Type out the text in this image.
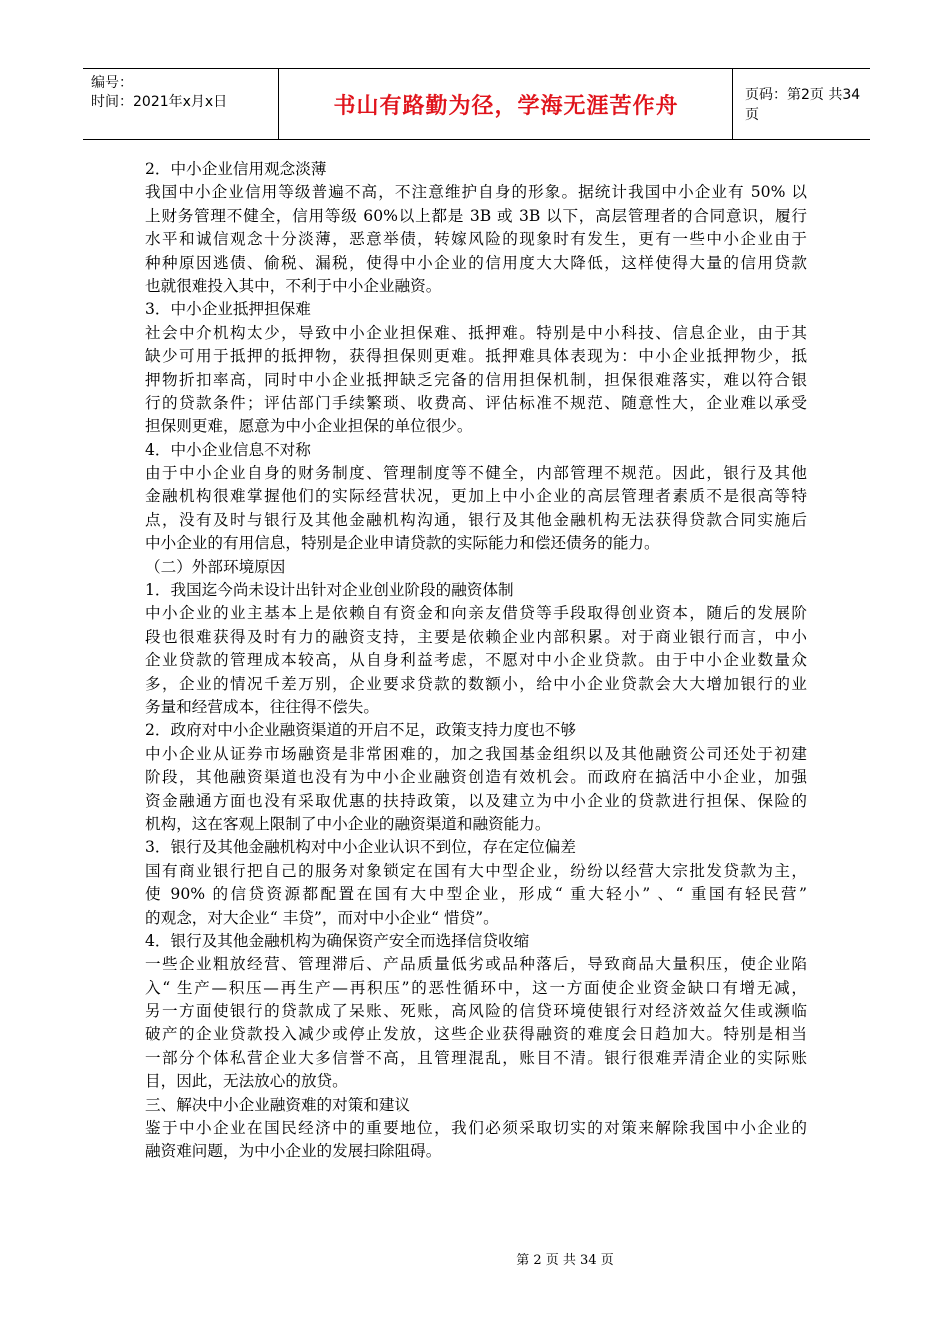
编号：
时间：2021年x月x日	书山有路勤为径，学海无涯苦作舟	页码：第2页 共34页
2．中小企业信用观念淡薄
我国中小企业信用等级普遍不高，不注意维护自身的形象。据统计我国中小企业有 50% 以
上财务管理不健全，信用等级 60%以上都是 3B 或 3B 以下，高层管理者的合同意识，履行
水平和诚信观念十分淡薄，恶意举债，转嫁风险的现象时有发生，更有一些中小企业由于
种种原因逃债、偷税、漏税，使得中小企业的信用度大大降低，这样使得大量的信用贷款
也就很难投入其中，不利于中小企业融资。
3．中小企业抵押担保难
社会中介机构太少，导致中小企业担保难、抵押难。特别是中小科技、信息企业，由于其
缺少可用于抵押的抵押物，获得担保则更难。抵押难具体表现为：中小企业抵押物少，抵
押物折扣率高，同时中小企业抵押缺乏完备的信用担保机制，担保很难落实，难以符合银
行的贷款条件；评估部门手续繁琐、收费高、评估标准不规范、随意性大，企业难以承受
担保则更难，愿意为中小企业担保的单位很少。
4．中小企业信息不对称
由于中小企业自身的财务制度、管理制度等不健全，内部管理不规范。因此，银行及其他
金融机构很难掌握他们的实际经营状况，更加上中小企业的高层管理者素质不是很高等特
点，没有及时与银行及其他金融机构沟通，银行及其他金融机构无法获得贷款合同实施后
中小企业的有用信息，特别是企业申请贷款的实际能力和偿还债务的能力。
（二）外部环境原因
1．我国迄今尚未设计出针对企业创业阶段的融资体制
中小企业的业主基本上是依赖自有资金和向亲友借贷等手段取得创业资本，随后的发展阶
段也很难获得及时有力的融资支持，主要是依赖企业内部积累。对于商业银行而言，中小
企业贷款的管理成本较高，从自身利益考虑，不愿对中小企业贷款。由于中小企业数量众
多，企业的情况千差万别，企业要求贷款的数额小，给中小企业贷款会大大增加银行的业
务量和经营成本，往往得不偿失。
2．政府对中小企业融资渠道的开启不足，政策支持力度也不够
中小企业从证券市场融资是非常困难的，加之我国基金组织以及其他融资公司还处于初建
阶段，其他融资渠道也没有为中小企业融资创造有效机会。而政府在搞活中小企业，加强
资金融通方面也没有采取优惠的扶持政策，以及建立为中小企业的贷款进行担保、保险的
机构，这在客观上限制了中小企业的融资渠道和融资能力。
3．银行及其他金融机构对中小企业认识不到位，存在定位偏差
国有商业银行把自己的服务对象锁定在国有大中型企业，纷纷以经营大宗批发贷款为主，
使 90% 的信贷资源都配置在国有大中型企业，形成“ 重大轻小” 、“ 重国有轻民营”
的观念，对大企业“ 丰贷”，而对中小企业“ 惜贷”。
4．银行及其他金融机构为确保资产安全而选择信贷收缩
一些企业粗放经营、管理滞后、产品质量低劣或品种落后，导致商品大量积压，使企业陷
入“ 生产—积压—再生产—再积压”的恶性循环中，这一方面使企业资金缺口有增无减，
另一方面使银行的贷款成了呆账、死账，高风险的信贷环境使银行对经济效益欠佳或濒临
破产的企业贷款投入减少或停止发放，这些企业获得融资的难度会日趋加大。特别是相当
一部分个体私营企业大多信誉不高，且管理混乱，账目不清。银行很难弄清企业的实际账
目，因此，无法放心的放贷。
三、解决中小企业融资难的对策和建议
鉴于中小企业在国民经济中的重要地位，我们必须采取切实的对策来解除我国中小企业的
融资难问题，为中小企业的发展扫除阻碍。
第 2 页 共 34 页
